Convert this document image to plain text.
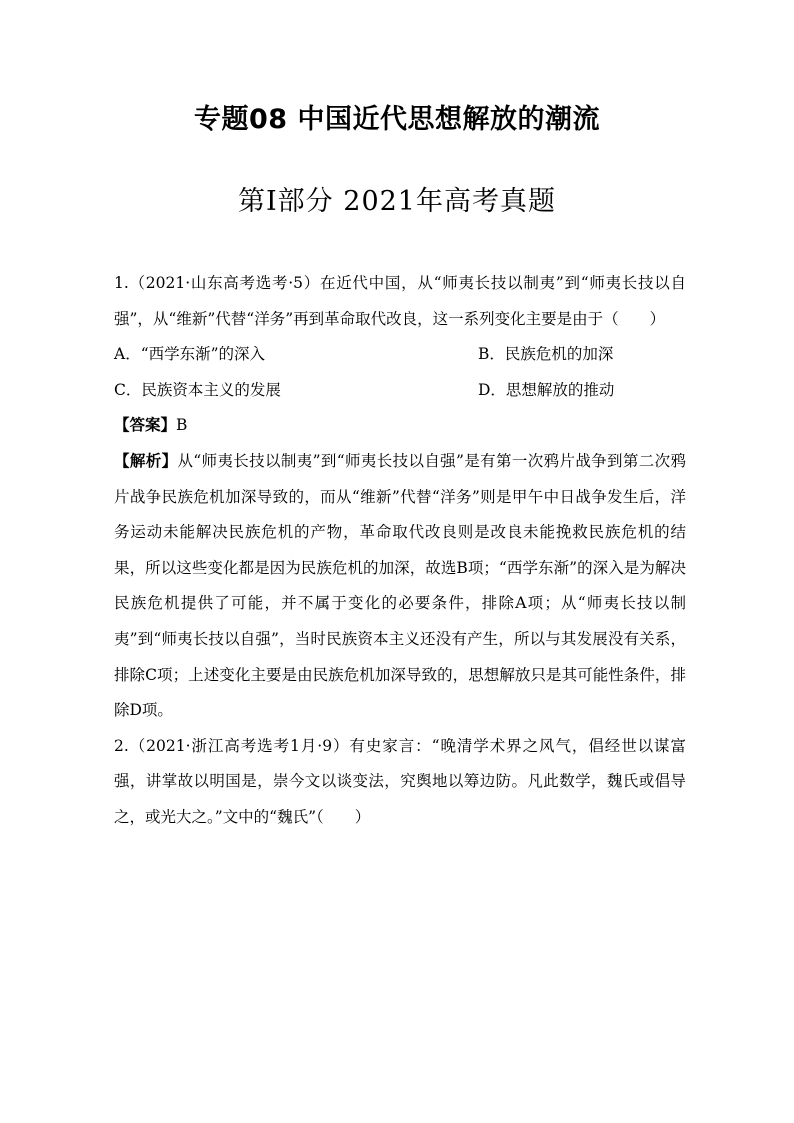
专题08 中国近代思想解放的潮流
第Ⅰ部分 2021年高考真题

1.（2021·山东高考选考·5）在近代中国，从“师夷长技以制夷”到“师夷长技以自强”，从“维新”代替“洋务”再到革命取代改良，这一系列变化主要是由于（　　）

A．“西学东渐”的深入	B．民族危机的加深
C．民族资本主义的发展	D．思想解放的推动

【答案】B

【解析】从“师夷长技以制夷”到“师夷长技以自强”是有第一次鸦片战争到第二次鸦片战争民族危机加深导致的，而从“维新”代替“洋务”则是甲午中日战争发生后，洋务运动未能解决民族危机的产物，革命取代改良则是改良未能挽救民族危机的结果，所以这些变化都是因为民族危机的加深，故选B项；“西学东渐”的深入是为解决民族危机提供了可能，并不属于变化的必要条件，排除A项；从“师夷长技以制夷”到“师夷长技以自强”，当时民族资本主义还没有产生，所以与其发展没有关系，排除C项；上述变化主要是由民族危机加深导致的，思想解放只是其可能性条件，排除D项。

2.（2021·浙江高考选考1月·9）有史家言：“晚清学术界之风气，倡经世以谋富强，讲掌故以明国是，崇今文以谈变法，究舆地以筹边防。凡此数学，魏氏或倡导之，或光大之。”文中的“魏氏”（　　）
